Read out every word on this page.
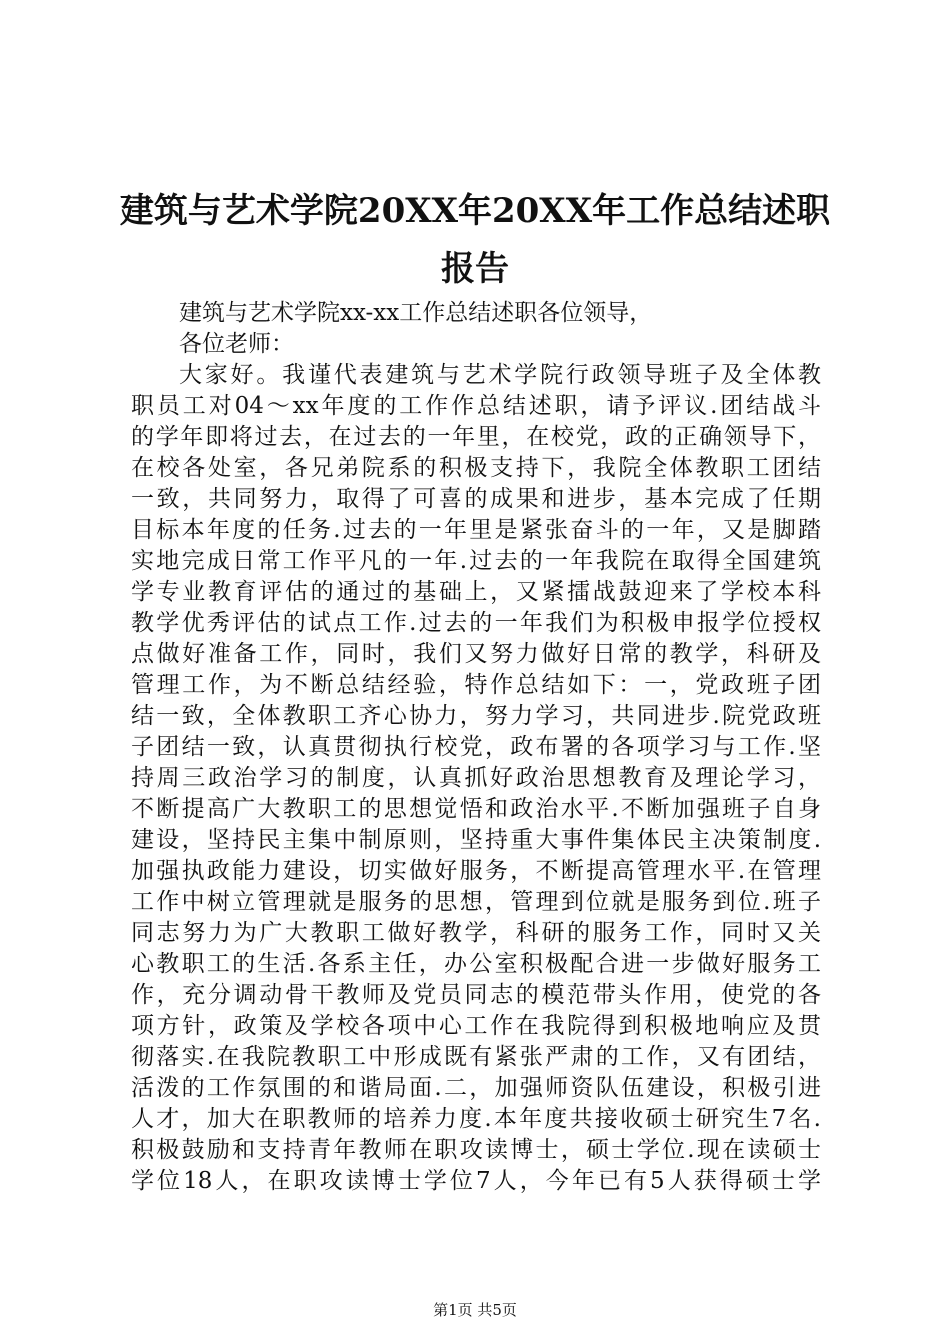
建筑与艺术学院20XX年20XX年工作总结述职
报告
建筑与艺术学院xx-xx工作总结述职各位领导，
各位老师：
大家好。我谨代表建筑与艺术学院行政领导班子及全体教
职员工对04～xx年度的工作作总结述职，请予评议.团结战斗
的学年即将过去，在过去的一年里，在校党，政的正确领导下，
在校各处室，各兄弟院系的积极支持下，我院全体教职工团结
一致，共同努力，取得了可喜的成果和进步，基本完成了任期
目标本年度的任务.过去的一年里是紧张奋斗的一年，又是脚踏
实地完成日常工作平凡的一年.过去的一年我院在取得全国建筑
学专业教育评估的通过的基础上，又紧擂战鼓迎来了学校本科
教学优秀评估的试点工作.过去的一年我们为积极申报学位授权
点做好准备工作，同时，我们又努力做好日常的教学，科研及
管理工作，为不断总结经验，特作总结如下：一，党政班子团
结一致，全体教职工齐心协力，努力学习，共同进步.院党政班
子团结一致，认真贯彻执行校党，政布署的各项学习与工作.坚
持周三政治学习的制度，认真抓好政治思想教育及理论学习，
不断提高广大教职工的思想觉悟和政治水平.不断加强班子自身
建设，坚持民主集中制原则，坚持重大事件集体民主决策制度.
加强执政能力建设，切实做好服务，不断提高管理水平.在管理
工作中树立管理就是服务的思想，管理到位就是服务到位.班子
同志努力为广大教职工做好教学，科研的服务工作，同时又关
心教职工的生活.各系主任，办公室积极配合进一步做好服务工
作，充分调动骨干教师及党员同志的模范带头作用，使党的各
项方针，政策及学校各项中心工作在我院得到积极地响应及贯
彻落实.在我院教职工中形成既有紧张严肃的工作，又有团结，
活泼的工作氛围的和谐局面.二，加强师资队伍建设，积极引进
人才，加大在职教师的培养力度.本年度共接收硕士研究生7名.
积极鼓励和支持青年教师在职攻读博士，硕士学位.现在读硕士
学位18人，在职攻读博士学位7人，今年已有5人获得硕士学
第1页 共5页
